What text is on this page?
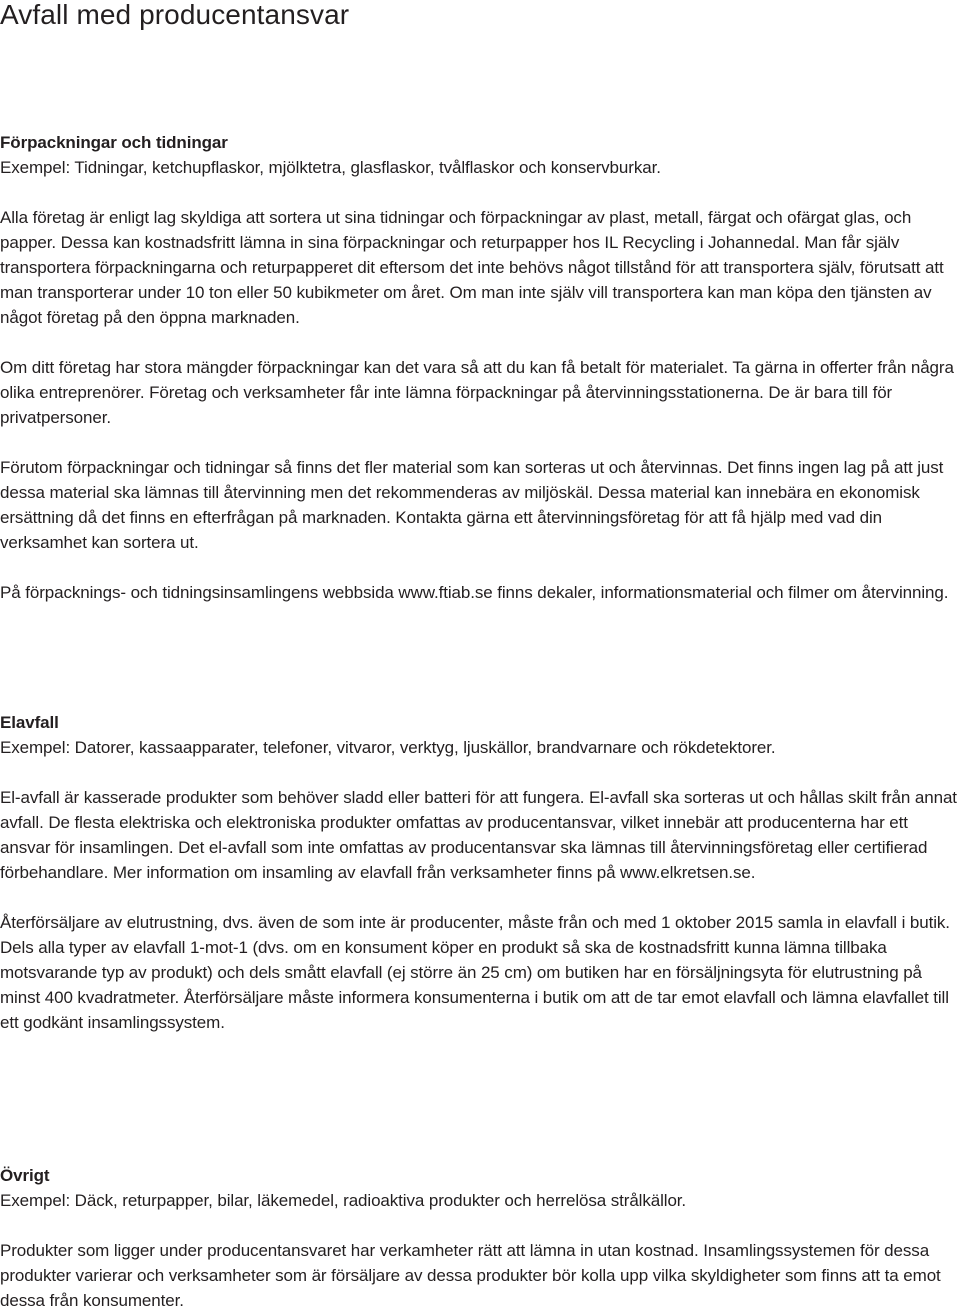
Avfall med producentansvar
Förpackningar och tidningar
Exempel: Tidningar, ketchupflaskor, mjölktetra, glasflaskor, tvålflaskor och konservburkar.

Alla företag är enligt lag skyldiga att sortera ut sina tidningar och förpackningar av plast, metall, färgat och ofärgat glas, och papper. Dessa kan kostnadsfritt lämna in sina förpackningar och returpapper hos IL Recycling i Johannedal. Man får själv transportera förpackningarna och returpapperet dit eftersom det inte behövs något tillstånd för att transportera själv, förutsatt att man transporterar under 10 ton eller 50 kubikmeter om året. Om man inte själv vill transportera kan man köpa den tjänsten av något företag på den öppna marknaden.

Om ditt företag har stora mängder förpackningar kan det vara så att du kan få betalt för materialet. Ta gärna in offerter från några olika entreprenörer. Företag och verksamheter får inte lämna förpackningar på återvinningsstationerna. De är bara till för privatpersoner.

Förutom förpackningar och tidningar så finns det fler material som kan sorteras ut och återvinnas. Det finns ingen lag på att just dessa material ska lämnas till återvinning men det rekommenderas av miljöskäl. Dessa material kan innebära en ekonomisk ersättning då det finns en efterfrågan på marknaden. Kontakta gärna ett återvinningsföretag för att få hjälp med vad din verksamhet kan sortera ut.

På förpacknings- och tidningsinsamlingens webbsida www.ftiab.se finns dekaler, informationsmaterial och filmer om återvinning.

Elavfall
Exempel: Datorer, kassaapparater, telefoner, vitvaror, verktyg, ljuskällor, brandvarnare och rökdetektorer.

El-avfall är kasserade produkter som behöver sladd eller batteri för att fungera. El-avfall ska sorteras ut och hållas skilt från annat avfall. De flesta elektriska och elektroniska produkter omfattas av producentansvar, vilket innebär att producenterna har ett ansvar för insamlingen. Det el-avfall som inte omfattas av producentansvar ska lämnas till återvinningsföretag eller certifierad förbehandlare. Mer information om insamling av elavfall från verksamheter finns på www.elkretsen.se.

Återförsäljare av elutrustning, dvs. även de som inte är producenter, måste från och med 1 oktober 2015 samla in elavfall i butik. Dels alla typer av elavfall 1-mot-1 (dvs. om en konsument köper en produkt så ska de kostnadsfritt kunna lämna tillbaka motsvarande typ av produkt) och dels smått elavfall (ej större än 25 cm) om butiken har en försäljningsyta för elutrustning på minst 400 kvadratmeter. Återförsäljare måste informera konsumenterna i butik om att de tar emot elavfall och lämna elavfallet till ett godkänt insamlingssystem.

Övrigt
Exempel: Däck, returpapper, bilar, läkemedel, radioaktiva produkter och herrelösa strålkällor.

Produkter som ligger under producentansvaret har verkamheter rätt att lämna in utan kostnad. Insamlingssystemen för dessa produkter varierar och verksamheter som är försäljare av dessa produkter bör kolla upp vilka skyldigheter som finns att ta emot dessa från konsumenter.
